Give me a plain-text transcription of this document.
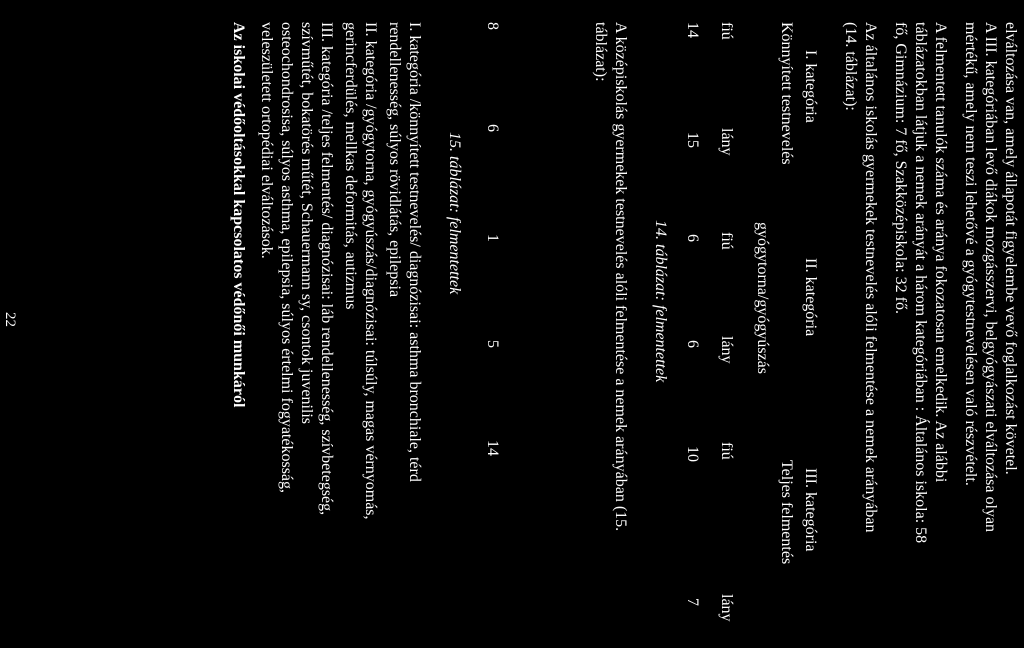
elváltozása van, amely állapotát figyelembe vevő foglalkozást követel.
A III. kategóriában levő diákok mozgásszervi, belgyógyászati elváltozása olyan
mértékű, amely nem teszi lehetővé a gyógytestnevelésen való részvételt.
A felmentett tanulók száma és aránya fokozatosan emelkedik. Az alábbi
táblázatokban látjuk a nemek arányát a három kategóriában : Általános iskola: 58
fő, Gimnázium: 7 fő, Szakközépiskola: 32 fő.
Az általános iskolás gyermekek testnevelés alóli felmentése a nemek arányában
(14. táblázat):
I. kategória
II. kategória
III. kategória
Könnyített testnevelés
gyógytorna/gyógyúszás
Teljes felmentés
fiú
lány
fiú
lány
fiú
lány
14
15
6
6
10
7
14. táblázat: felmentettek
A középiskolás gyermekek testnevelés alóli felmentése a nemek arányában (15.
táblázat):
8
6
1
5
14
15. táblázat: felmentettek
I. kategória /könnyített testnevelés/ diagnózisai: asthma bronchiale, térd
rendellenesség, súlyos rövidlátás, epilepsia
II. kategória /gyógytorna, gyógyúszás/diagnózisai: túlsúly, magas vérnyomás,
gerincferdülés, mellkas deformitás, autizmus
III. kategória /teljes felmentés/ diagnózisai: láb rendellenesség, szívbetegség,
szívműtét, bokatörés műtét, Schauermann sy, csontok juvenilis
osteochondrosisa, súlyos asthma, epilepsia, súlyos értelmi fogyatékosság,
veleszületett ortopédiai elváltozások.
Az iskolai védőoltásokkal kapcsolatos védőnői munkáról
22
